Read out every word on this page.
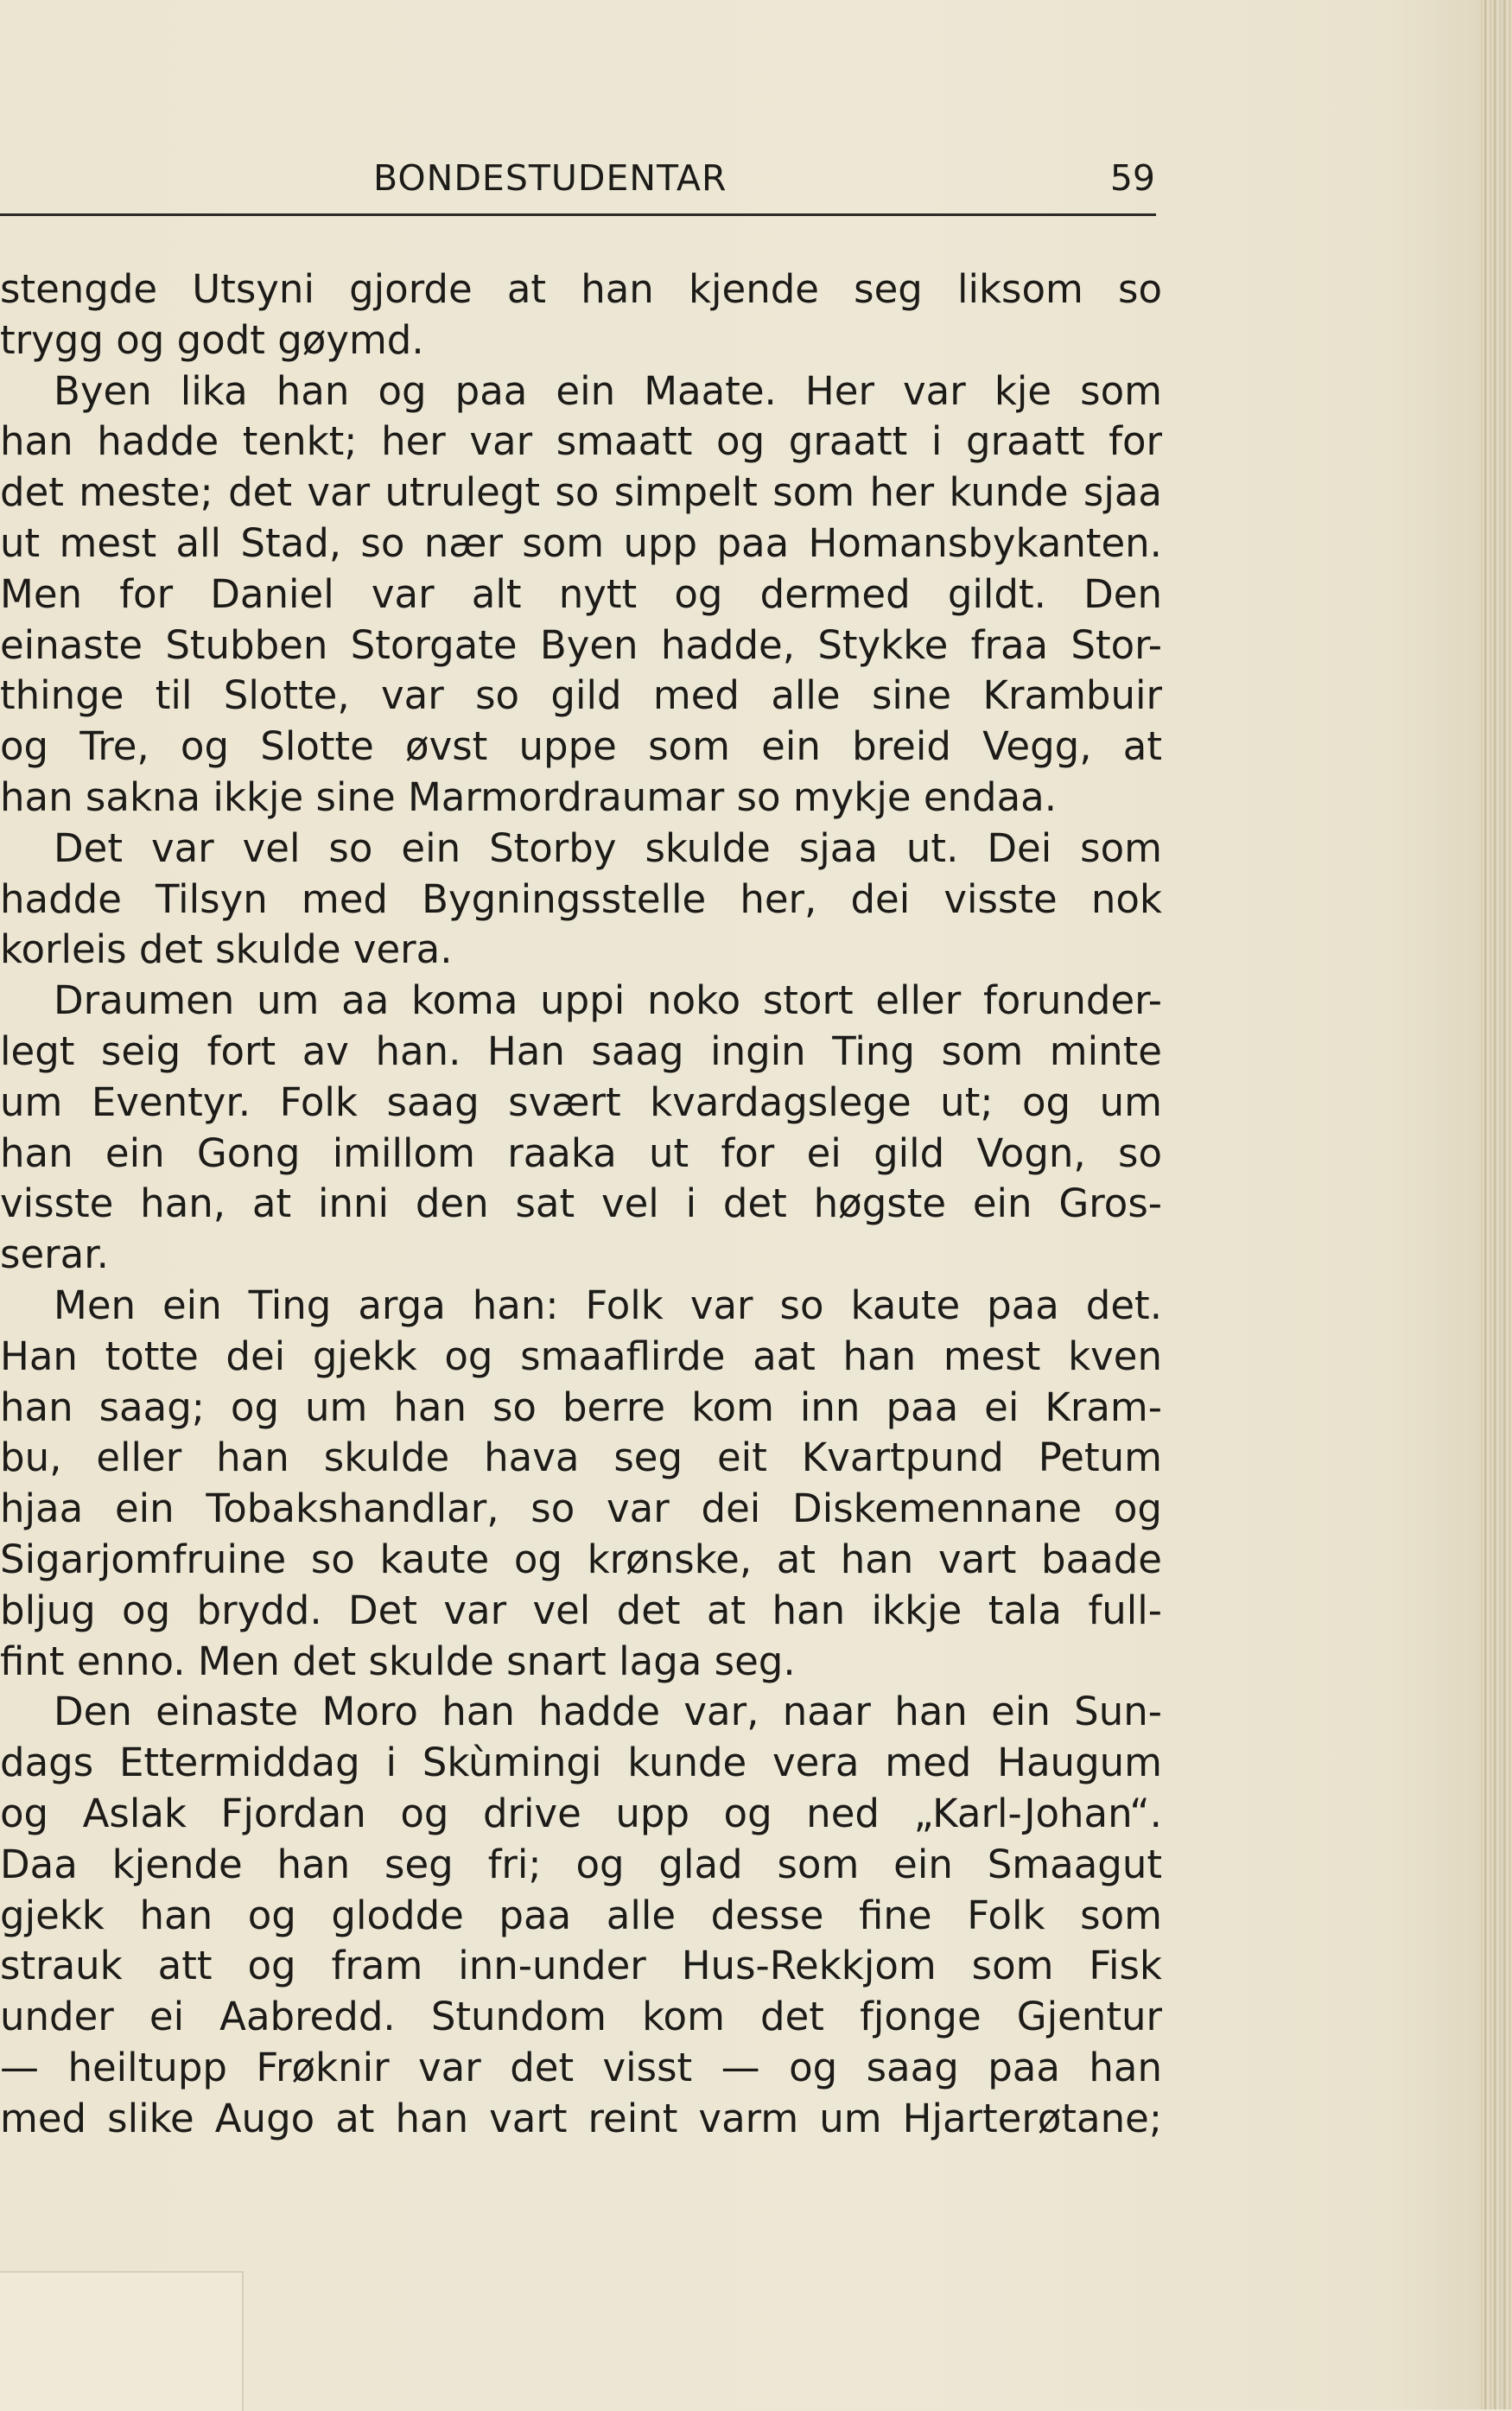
BONDESTUDENTAR	59
stengde Utsyni gjorde at han kjende seg liksom so
trygg og godt gøymd.
Byen lika han og paa ein Maate. Her var kje som
han hadde tenkt; her var smaatt og graatt i graatt for
det meste; det var utrulegt so simpelt som her kunde sjaa
ut mest all Stad, so nær som upp paa Homansbykanten.
Men for Daniel var alt nytt og dermed gildt. Den
einaste Stubben Storgate Byen hadde, Stykke fraa Stor-
thinge til Slotte, var so gild med alle sine Krambuir
og Tre, og Slotte øvst uppe som ein breid Vegg, at
han sakna ikkje sine Marmordraumar so mykje endaa.
Det var vel so ein Storby skulde sjaa ut. Dei som
hadde Tilsyn med Bygningsstelle her, dei visste nok
korleis det skulde vera.
Draumen um aa koma uppi noko stort eller forunder-
legt seig fort av han. Han saag ingin Ting som minte
um Eventyr. Folk saag svært kvardagslege ut; og um
han ein Gong imillom raaka ut for ei gild Vogn, so
visste han, at inni den sat vel i det høgste ein Gros-
serar.
Men ein Ting arga han: Folk var so kaute paa det.
Han totte dei gjekk og smaaflirde aat han mest kven
han saag; og um han so berre kom inn paa ei Kram-
bu, eller han skulde hava seg eit Kvartpund Petum
hjaa ein Tobakshandlar, so var dei Diskemennane og
Sigarjomfruine so kaute og krønske, at han vart baade
bljug og brydd. Det var vel det at han ikkje tala full-
fint enno. Men det skulde snart laga seg.
Den einaste Moro han hadde var, naar han ein Sun-
dags Ettermiddag i Skùmingi kunde vera med Haugum
og Aslak Fjordan og drive upp og ned „Karl-Johan“.
Daa kjende han seg fri; og glad som ein Smaagut
gjekk han og glodde paa alle desse fine Folk som
strauk att og fram inn-under Hus-Rekkjom som Fisk
under ei Aabredd. Stundom kom det fjonge Gjentur
— heiltupp Frøknir var det visst — og saag paa han
med slike Augo at han vart reint varm um Hjarterøtane;
